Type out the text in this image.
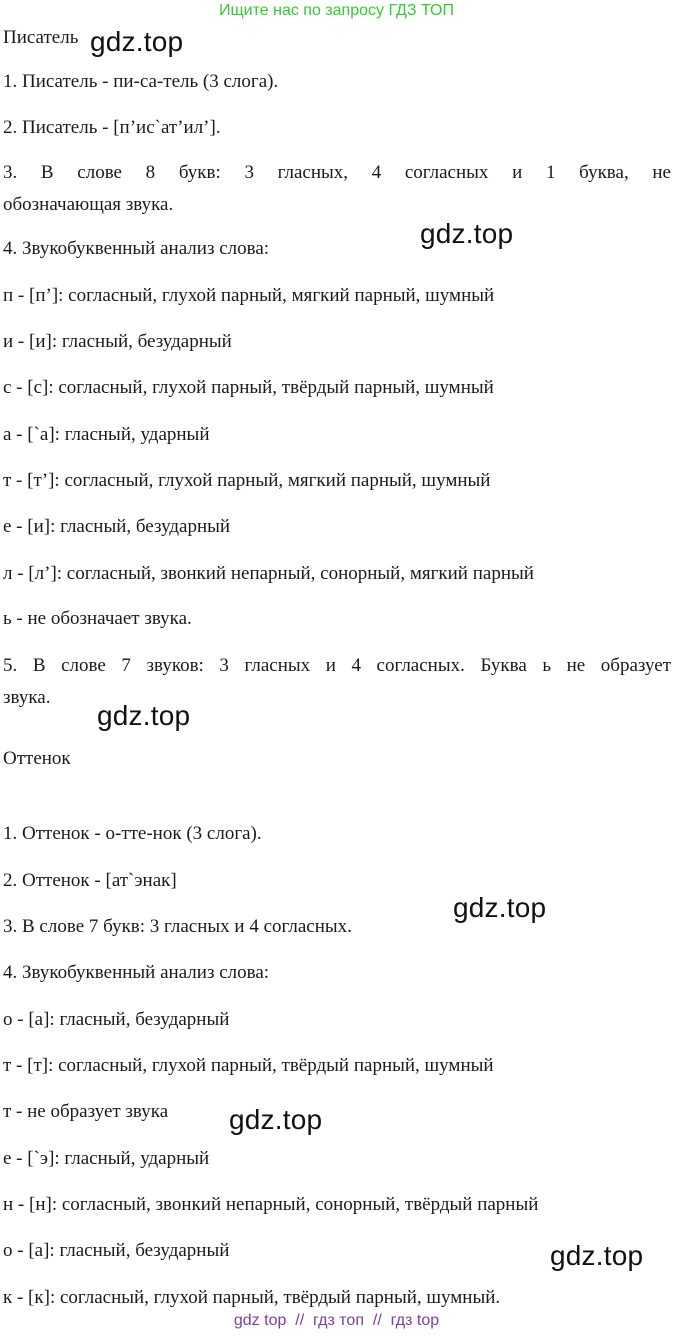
Ищите нас по запросу ГДЗ ТОП
Писатель
1. Писатель - пи-са-тель (3 слога).
2. Писатель - [п’ис`ат’ил’].
3. В слове 8 букв: 3 гласных, 4 согласных и 1 буква, не
обозначающая звука.
4. Звукобуквенный анализ слова:
п - [п’]: согласный, глухой парный, мягкий парный, шумный
и - [и]: гласный, безударный
с - [с]: согласный, глухой парный, твёрдый парный, шумный
а - [`а]: гласный, ударный
т - [т’]: согласный, глухой парный, мягкий парный, шумный
е - [и]: гласный, безударный
л - [л’]: согласный, звонкий непарный, сонорный, мягкий парный
ь - не обозначает звука.
5. В слове 7 звуков: 3 гласных и 4 согласных. Буква ь не образует
звука.
Оттенок
1. Оттенок - о-тте-нок (3 слога).
2. Оттенок - [ат`энак]
3. В слове 7 букв: 3 гласных и 4 согласных.
4. Звукобуквенный анализ слова:
о - [а]: гласный, безударный
т - [т]: согласный, глухой парный, твёрдый парный, шумный
т - не образует звука
е - [`э]: гласный, ударный
н - [н]: согласный, звонкий непарный, сонорный, твёрдый парный
о - [а]: гласный, безударный
к - [к]: согласный, глухой парный, твёрдый парный, шумный.
gdz.top
gdz.top
gdz.top
gdz.top
gdz.top
gdz.top
gdz top  //  гдз топ  //  гдз top
